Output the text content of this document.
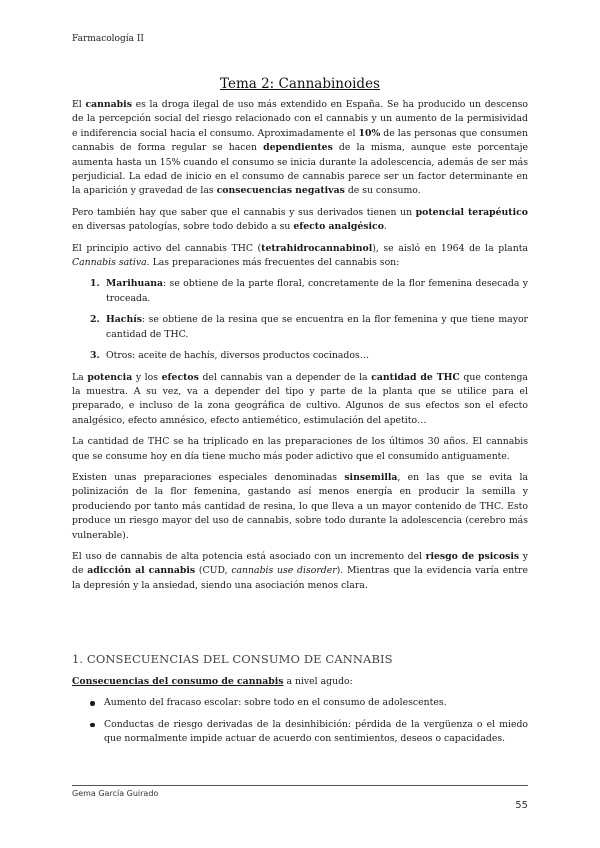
Farmacología II
Tema 2: Cannabinoides

El cannabis es la droga ilegal de uso más extendido en España. Se ha producido un descenso de la percepción social del riesgo relacionado con el cannabis y un aumento de la permisividad e indiferencia social hacia el consumo. Aproximadamente el 10% de las personas que consumen cannabis de forma regular se hacen dependientes de la misma, aunque este porcentaje aumenta hasta un 15% cuando el consumo se inicia durante la adolescencia, además de ser más perjudicial. La edad de inicio en el consumo de cannabis parece ser un factor determinante en la aparición y gravedad de las consecuencias negativas de su consumo.

Pero también hay que saber que el cannabis y sus derivados tienen un potencial terapéutico en diversas patologías, sobre todo debido a su efecto analgésico.

El principio activo del cannabis THC (tetrahidrocannabinol), se aisló en 1964 de la planta Cannabis sativa. Las preparaciones más frecuentes del cannabis son:

1. Marihuana: se obtiene de la parte floral, concretamente de la flor femenina desecada y troceada.
2. Hachís: se obtiene de la resina que se encuentra en la flor femenina y que tiene mayor cantidad de THC.
3. Otros: aceite de hachís, diversos productos cocinados…

La potencia y los efectos del cannabis van a depender de la cantidad de THC que contenga la muestra. A su vez, va a depender del tipo y parte de la planta que se utilice para el preparado, e incluso de la zona geográfica de cultivo. Algunos de sus efectos son el efecto analgésico, efecto amnésico, efecto antiemético, estimulación del apetito…

La cantidad de THC se ha triplicado en las preparaciones de los últimos 30 años. El cannabis que se consume hoy en día tiene mucho más poder adictivo que el consumido antiguamente.

Existen unas preparaciones especiales denominadas sinsemilla, en las que se evita la polinización de la flor femenina, gastando así menos energía en producir la semilla y produciendo por tanto más cantidad de resina, lo que lleva a un mayor contenido de THC. Esto produce un riesgo mayor del uso de cannabis, sobre todo durante la adolescencia (cerebro más vulnerable).

El uso de cannabis de alta potencia está asociado con un incremento del riesgo de psicosis y de adicción al cannabis (CUD, cannabis use disorder). Mientras que la evidencia varía entre la depresión y la ansiedad, siendo una asociación menos clara.

1. CONSECUENCIAS DEL CONSUMO DE CANNABIS

Consecuencias del consumo de cannabis a nivel agudo:

Aumento del fracaso escolar: sobre todo en el consumo de adolescentes.
Conductas de riesgo derivadas de la desinhibición: pérdida de la vergüenza o el miedo que normalmente impide actuar de acuerdo con sentimientos, deseos o capacidades.
Gema García Guirado
55
